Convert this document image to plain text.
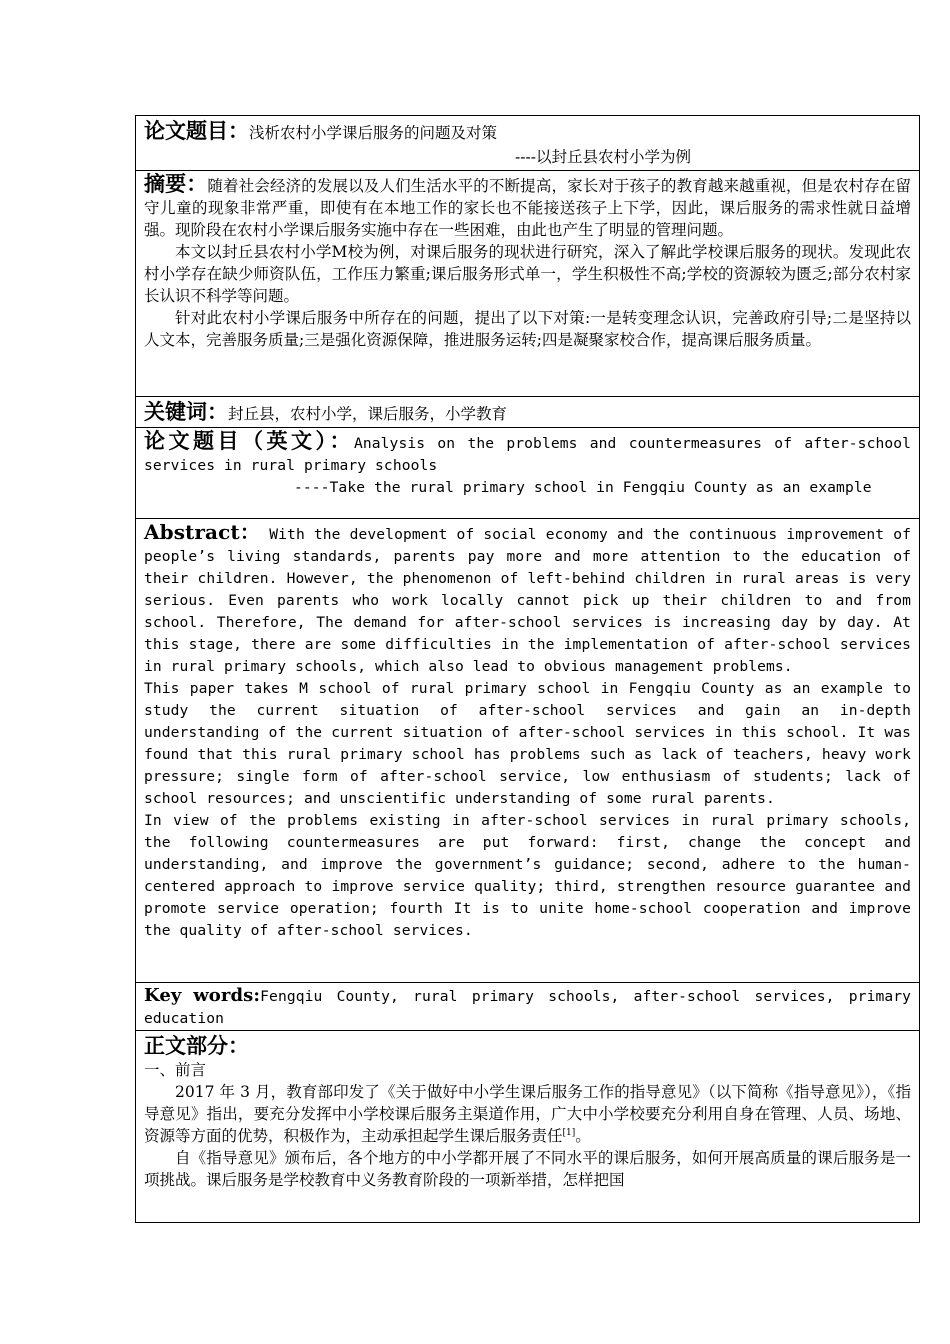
论文题目：浅析农村小学课后服务的问题及对策
----以封丘县农村小学为例

摘要：随着社会经济的发展以及人们生活水平的不断提高，家长对于孩子的教育越来越重视，但是农村存在留守儿童的现象非常严重，即使有在本地工作的家长也不能接送孩子上下学，因此，课后服务的需求性就日益增强。现阶段在农村小学课后服务实施中存在一些困难，由此也产生了明显的管理问题。

本文以封丘县农村小学M校为例，对课后服务的现状进行研究，深入了解此学校课后服务的现状。发现此农村小学存在缺少师资队伍，工作压力繁重;课后服务形式单一，学生积极性不高;学校的资源较为匮乏;部分农村家长认识不科学等问题。

针对此农村小学课后服务中所存在的问题，提出了以下对策:一是转变理念认识，完善政府引导;二是坚持以人文本，完善服务质量;三是强化资源保障，推进服务运转;四是凝聚家校合作，提高课后服务质量。

关键词：封丘县，农村小学，课后服务，小学教育

论文题目（英文）：Analysis on the problems and countermeasures of after-school services in rural primary schools

----Take the rural primary school in Fengqiu County as an example

Abstract： With the development of social economy and the continuous improvement of people’s living standards, parents pay more and more attention to the education of their children. However, the phenomenon of left-behind children in rural areas is very serious. Even parents who work locally cannot pick up their children to and from school. Therefore, The demand for after-school services is increasing day by day. At this stage, there are some difficulties in the implementation of after-school services in rural primary schools, which also lead to obvious management problems.

This paper takes M school of rural primary school in Fengqiu County as an example to study the current situation of after-school services and gain an in-depth understanding of the current situation of after-school services in this school. It was found that this rural primary school has problems such as lack of teachers, heavy work pressure; single form of after-school service, low enthusiasm of students; lack of school resources; and unscientific understanding of some rural parents.

In view of the problems existing in after-school services in rural primary schools, the following countermeasures are put forward: first, change the concept and understanding, and improve the government’s guidance; second, adhere to the human-centered approach to improve service quality; third, strengthen resource guarantee and promote service operation; fourth It is to unite home-school cooperation and improve the quality of after-school services.

Key words:Fengqiu County, rural primary schools, after-school services, primary education

正文部分：

一、前言

2017 年 3 月，教育部印发了《关于做好中小学生课后服务工作的指导意见》（以下简称《指导意见》），《指导意见》指出，要充分发挥中小学校课后服务主渠道作用，广大中小学校要充分利用自身在管理、人员、场地、资源等方面的优势，积极作为，主动承担起学生课后服务责任[1]。

自《指导意见》颁布后，各个地方的中小学都开展了不同水平的课后服务，如何开展高质量的课后服务是一项挑战。课后服务是学校教育中义务教育阶段的一项新举措，怎样把国
